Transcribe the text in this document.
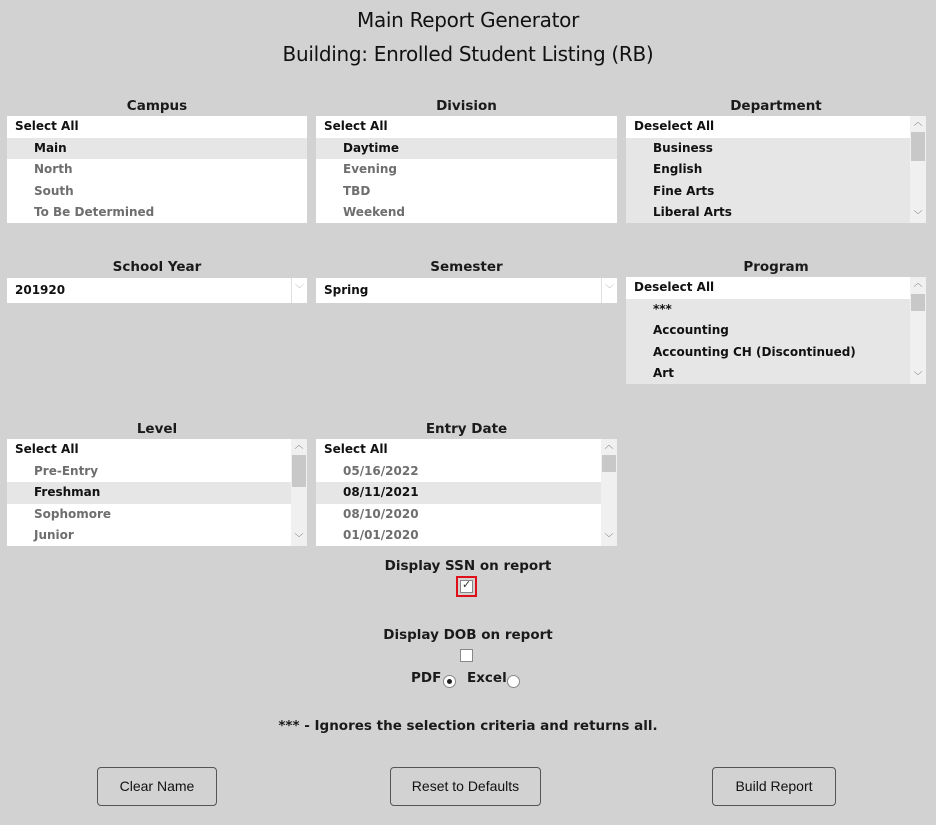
Main Report Generator
Building: Enrolled Student Listing (RB)
Campus
Select All
Main
North
South
To Be Determined
Division
Select All
Daytime
Evening
TBD
Weekend
Department
Deselect All
Business
English
Fine Arts
Liberal Arts
︿
﹀
School Year
201920	﹀
Semester
Spring	﹀
Program
Deselect All
***
Accounting
Accounting CH (Discontinued)
Art
︿
﹀
Level
Select All
Pre-Entry
Freshman
Sophomore
Junior
︿
﹀
Entry Date
Select All
05/16/2022
08/11/2021
08/10/2020
01/01/2020
︿
﹀
Display SSN on report
✓
Display DOB on report
PDF Excel
*** - Ignores the selection criteria and returns all.
Clear Name	Reset to Defaults	Build Report
